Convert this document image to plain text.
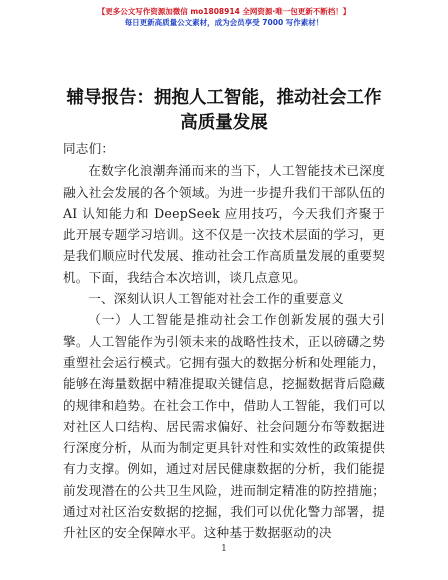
【更多公文写作资源加微信 mo1808914 全网资源·唯一包更新不断档！】
每日更新高质量公文素材，成为会员享受 7000 写作素材！
辅导报告：拥抱人工智能，推动社会工作高质量发展

同志们：

在数字化浪潮奔涌而来的当下，人工智能技术已深度融入社会发展的各个领域。为进一步提升我们干部队伍的 AI 认知能力和 DeepSeek 应用技巧，今天我们齐聚于此开展专题学习培训。这不仅是一次技术层面的学习，更是我们顺应时代发展、推动社会工作高质量发展的重要契机。下面，我结合本次培训，谈几点意见。

一、深刻认识人工智能对社会工作的重要意义

（一）人工智能是推动社会工作创新发展的强大引擎。人工智能作为引领未来的战略性技术，正以磅礴之势重塑社会运行模式。它拥有强大的数据分析和处理能力，能够在海量数据中精准提取关键信息，挖掘数据背后隐藏的规律和趋势。在社会工作中，借助人工智能，我们可以对社区人口结构、居民需求偏好、社会问题分布等数据进行深度分析，从而为制定更具针对性和实效性的政策提供有力支撑。例如，通过对居民健康数据的分析，我们能提前发现潜在的公共卫生风险，进而制定精准的防控措施；通过对社区治安数据的挖掘，我们可以优化警力部署，提升社区的安全保障水平。这种基于数据驱动的决

1
